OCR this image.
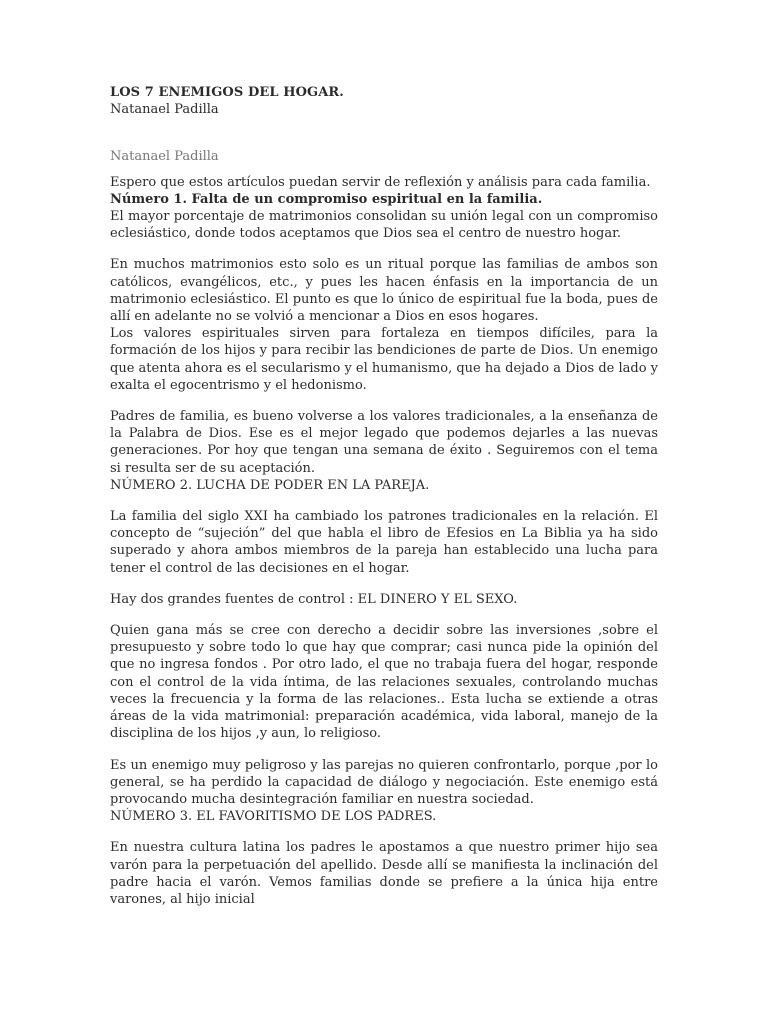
LOS 7 ENEMIGOS DEL HOGAR.

Natanael Padilla

Natanael Padilla

Espero que estos artículos puedan servir de reflexión y análisis para cada familia.

Número 1. Falta de un compromiso espiritual en la familia.

El mayor porcentaje de matrimonios consolidan su unión legal con un compromiso eclesiástico, donde todos aceptamos que Dios sea el centro de nuestro hogar.

En muchos matrimonios esto solo es un ritual porque las familias de ambos son católicos, evangélicos, etc., y pues les hacen énfasis en la importancia de un matrimonio eclesiástico. El punto es que lo único de espiritual fue la boda, pues de allí en adelante no se volvió a mencionar a Dios en esos hogares.

Los valores espirituales sirven para fortaleza en tiempos difíciles, para la formación de los hijos y para recibir las bendiciones de parte de Dios. Un enemigo que atenta ahora es el secularismo y el humanismo, que ha dejado a Dios de lado y exalta el egocentrismo y el hedonismo.

Padres de familia, es bueno volverse a los valores tradicionales, a la enseñanza de la Palabra de Dios. Ese es el mejor legado que podemos dejarles a las nuevas generaciones. Por hoy que tengan una semana de éxito . Seguiremos con el tema si resulta ser de su aceptación.

NÚMERO 2. LUCHA DE PODER EN LA PAREJA.

La familia del siglo XXI ha cambiado los patrones tradicionales en la relación. El concepto de “sujeción” del que habla el libro de Efesios en La Biblia ya ha sido superado y ahora ambos miembros de la pareja han establecido una lucha para tener el control de las decisiones en el hogar.

Hay dos grandes fuentes de control : EL DINERO Y EL SEXO.

Quien gana más se cree con derecho a decidir sobre las inversiones ,sobre el presupuesto y sobre todo lo que hay que comprar; casi nunca pide la opinión del que no ingresa fondos . Por otro lado, el que no trabaja fuera del hogar, responde con el control de la vida íntima, de las relaciones sexuales, controlando muchas veces la frecuencia y la forma de las relaciones.. Esta lucha se extiende a otras áreas de la vida matrimonial: preparación académica, vida laboral, manejo de la disciplina de los hijos ,y aun, lo religioso.

Es un enemigo muy peligroso y las parejas no quieren confrontarlo, porque ,por lo general, se ha perdido la capacidad de diálogo y negociación. Este enemigo está provocando mucha desintegración familiar en nuestra sociedad.

NÚMERO 3. EL FAVORITISMO DE LOS PADRES.

En nuestra cultura latina los padres le apostamos a que nuestro primer hijo sea varón para la perpetuación del apellido. Desde allí se manifiesta la inclinación del padre hacia el varón. Vemos familias donde se prefiere a la única hija entre varones, al hijo inicial
